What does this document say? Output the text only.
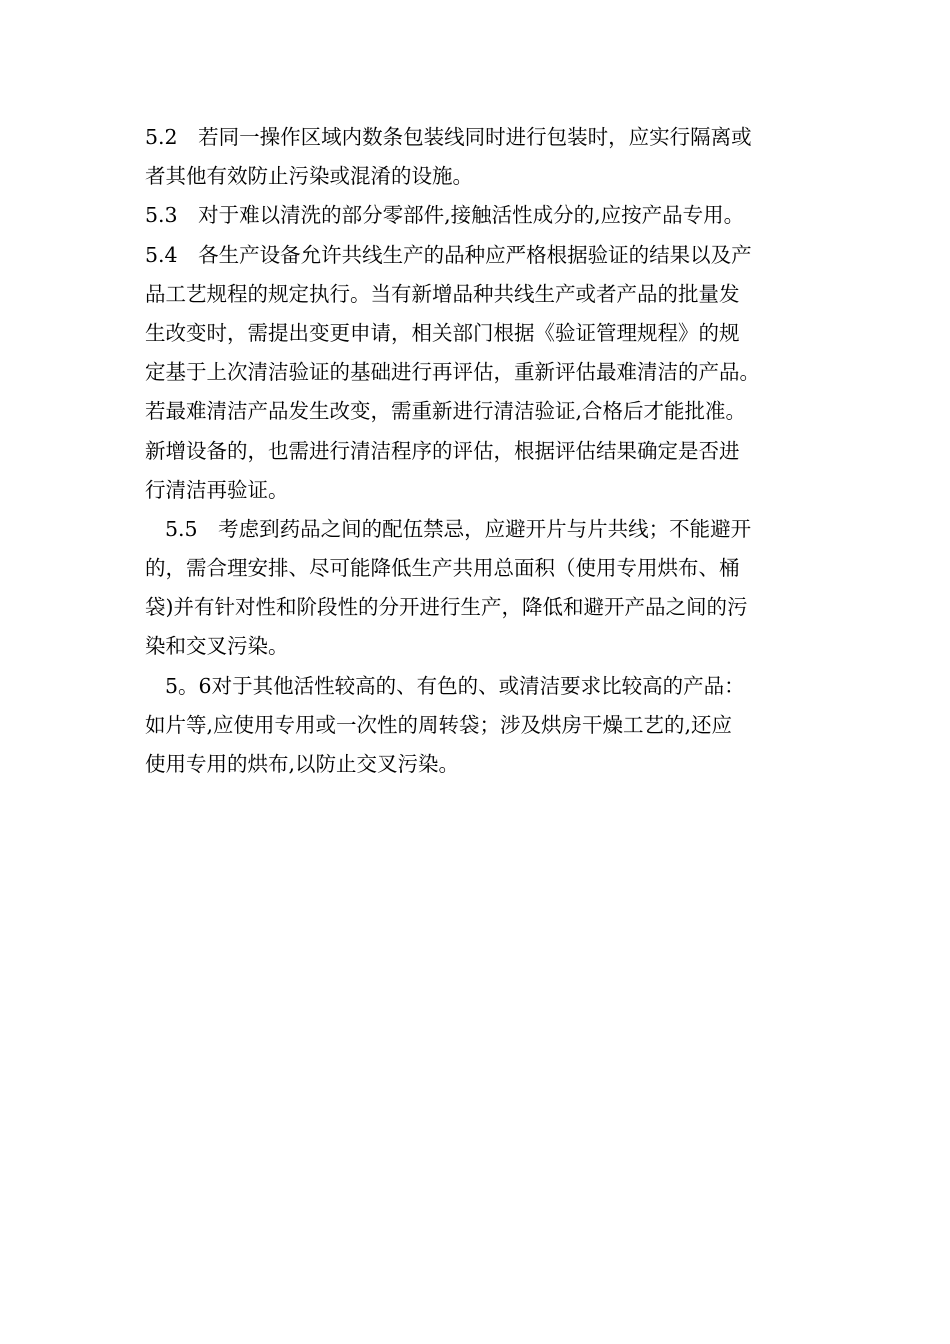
5.2　若同一操作区域内数条包装线同时进行包装时，应实行隔离或
者其他有效防止污染或混淆的设施。
5.3　对于难以清洗的部分零部件,接触活性成分的,应按产品专用。
5.4　各生产设备允许共线生产的品种应严格根据验证的结果以及产
品工艺规程的规定执行。当有新增品种共线生产或者产品的批量发
生改变时，需提出变更申请，相关部门根据《验证管理规程》的规
定基于上次清洁验证的基础进行再评估，重新评估最难清洁的产品。
若最难清洁产品发生改变，需重新进行清洁验证,合格后才能批准。
新增设备的，也需进行清洁程序的评估，根据评估结果确定是否进
行清洁再验证。
5.5　考虑到药品之间的配伍禁忌，应避开片与片共线；不能避开
的，需合理安排、尽可能降低生产共用总面积（使用专用烘布、桶
袋)并有针对性和阶段性的分开进行生产，降低和避开产品之间的污
染和交叉污染。
5。6对于其他活性较高的、有色的、或清洁要求比较高的产品：
如片等,应使用专用或一次性的周转袋；涉及烘房干燥工艺的,还应
使用专用的烘布,以防止交叉污染。
